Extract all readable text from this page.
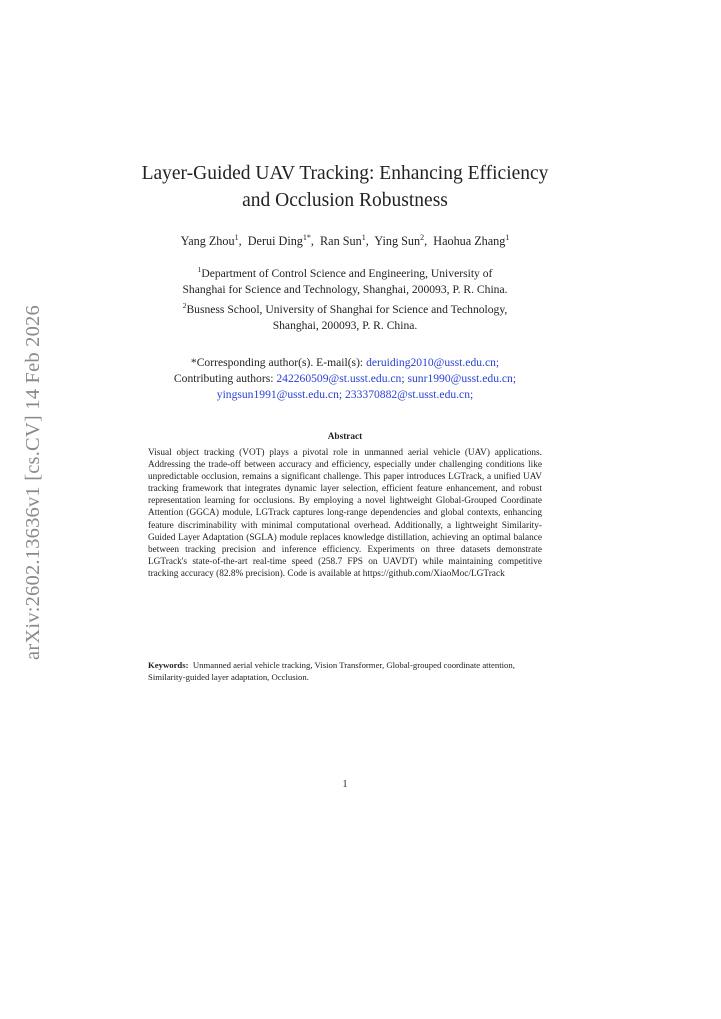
arXiv:2602.13636v1 [cs.CV] 14 Feb 2026
Layer-Guided UAV Tracking: Enhancing Efficiency
and Occlusion Robustness
Yang Zhou$^1$,  Derui Ding$^{1*}$,  Ran Sun$^1$,  Ying Sun$^2$,  Haohua Zhang$^1$
$^1$Department of Control Science and Engineering, University of
Shanghai for Science and Technology, Shanghai, 200093, P. R. China.
$^2$Busness School, University of Shanghai for Science and Technology,
Shanghai, 200093, P. R. China.
*Corresponding author(s). E-mail(s): deruiding2010@usst.edu.cn;
Contributing authors: 242260509@st.usst.edu.cn; sunr1990@usst.edu.cn;
yingsun1991@usst.edu.cn; 233370882@st.usst.edu.cn;
Abstract
Visual object tracking (VOT) plays a pivotal role in unmanned aerial vehicle (UAV) applications. Addressing the trade-off between accuracy and efficiency, especially under challenging conditions like unpredictable occlusion, remains a significant challenge. This paper introduces LGTrack, a unified UAV tracking framework that integrates dynamic layer selection, efficient feature enhancement, and robust representation learning for occlusions. By employing a novel lightweight Global-Grouped Coordinate Attention (GGCA) module, LGTrack captures long-range dependencies and global contexts, enhancing feature discriminability with minimal computational overhead. Additionally, a lightweight Similarity-Guided Layer Adaptation (SGLA) module replaces knowledge distillation, achieving an optimal balance between tracking precision and inference efficiency. Experiments on three datasets demonstrate LGTrack's state-of-the-art real-time speed (258.7 FPS on UAVDT) while maintaining competitive tracking accuracy (82.8% precision). Code is available at https://github.com/XiaoMoc/LGTrack
Keywords: Unmanned aerial vehicle tracking, Vision Transformer, Global-grouped coordinate attention, Similarity-guided layer adaptation, Occlusion.
1
